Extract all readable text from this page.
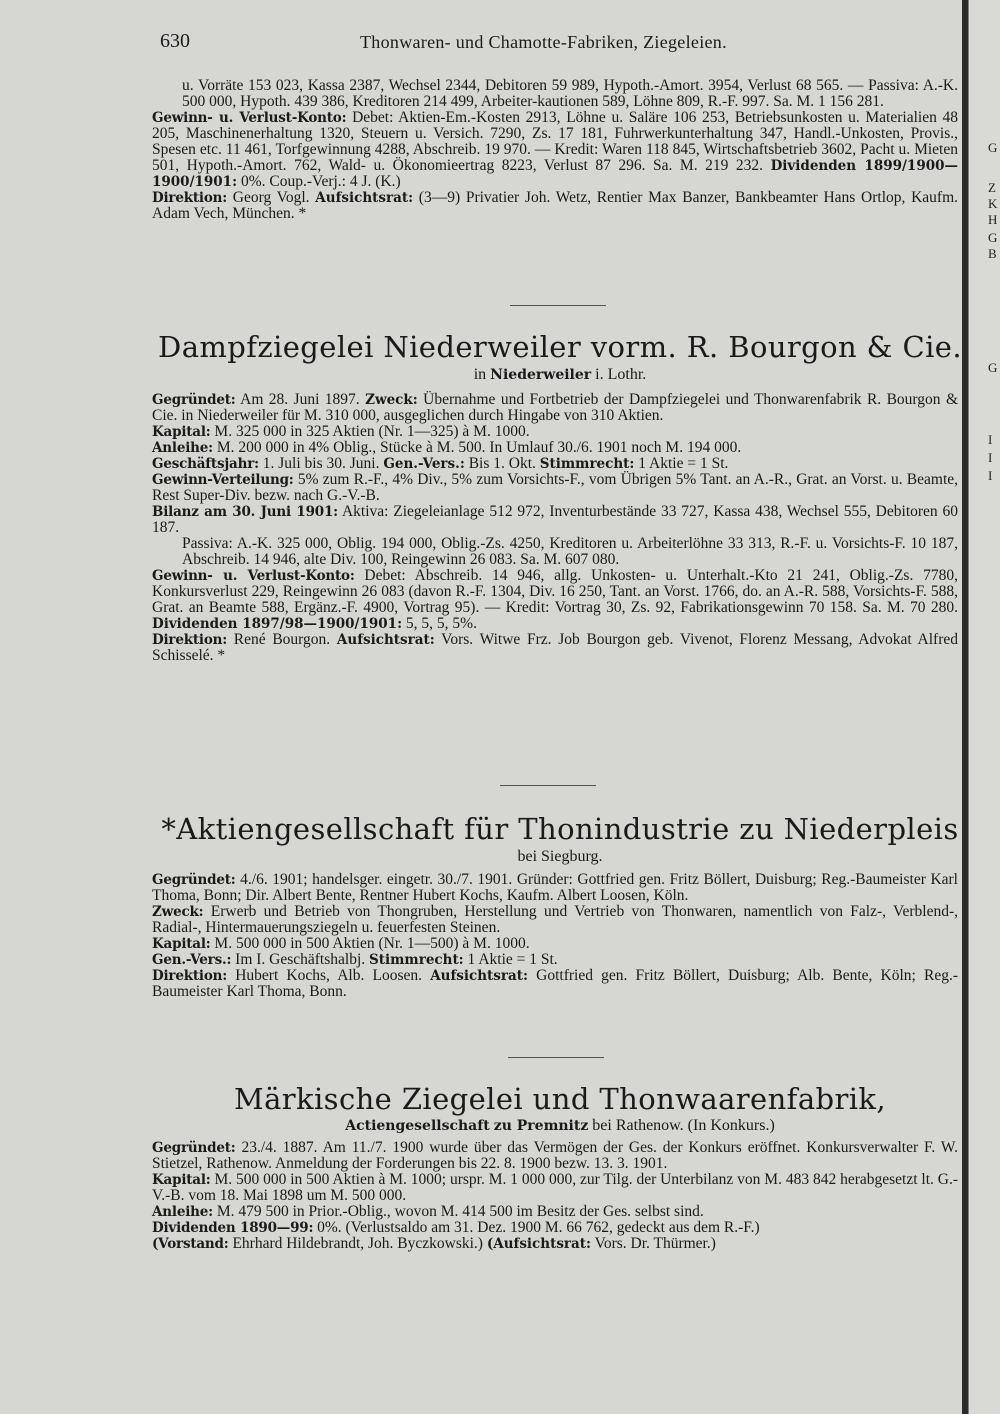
630	Thonwaren- und Chamotte-Fabriken, Ziegeleien.

u. Vorräte 153 023, Kassa 2387, Wechsel 2344, Debitoren 59 989, Hypoth.-Amort. 3954, Verlust 68 565. — Passiva: A.-K. 500 000, Hypoth. 439 386, Kreditoren 214 499, Arbeiter-kautionen 589, Löhne 809, R.-F. 997. Sa. M. 1 156 281.

Gewinn- u. Verlust-Konto: Debet: Aktien-Em.-Kosten 2913, Löhne u. Saläre 106 253, Betriebsunkosten u. Materialien 48 205, Maschinenerhaltung 1320, Steuern u. Versich. 7290, Zs. 17 181, Fuhrwerkunterhaltung 347, Handl.-Unkosten, Provis., Spesen etc. 11 461, Torfgewinnung 4288, Abschreib. 19 970. — Kredit: Waren 118 845, Wirtschaftsbetrieb 3602, Pacht u. Mieten 501, Hypoth.-Amort. 762, Wald- u. Ökonomieertrag 8223, Verlust 87 296. Sa. M. 219 232. Dividenden 1899/1900—1900/1901: 0%. Coup.-Verj.: 4 J. (K.)

Direktion: Georg Vogl. Aufsichtsrat: (3—9) Privatier Joh. Wetz, Rentier Max Banzer, Bankbeamter Hans Ortlop, Kaufm. Adam Vech, München. *

Dampfziegelei Niederweiler vorm. R. Bourgon & Cie.
in Niederweiler i. Lothr.

Gegründet: Am 28. Juni 1897. Zweck: Übernahme und Fortbetrieb der Dampfziegelei und Thonwarenfabrik R. Bourgon & Cie. in Niederweiler für M. 310 000, ausgeglichen durch Hingabe von 310 Aktien.

Kapital: M. 325 000 in 325 Aktien (Nr. 1—325) à M. 1000.

Anleihe: M. 200 000 in 4% Oblig., Stücke à M. 500. In Umlauf 30./6. 1901 noch M. 194 000.

Geschäftsjahr: 1. Juli bis 30. Juni. Gen.-Vers.: Bis 1. Okt. Stimmrecht: 1 Aktie = 1 St.

Gewinn-Verteilung: 5% zum R.-F., 4% Div., 5% zum Vorsichts-F., vom Übrigen 5% Tant. an A.-R., Grat. an Vorst. u. Beamte, Rest Super-Div. bezw. nach G.-V.-B.

Bilanz am 30. Juni 1901: Aktiva: Ziegeleianlage 512 972, Inventurbestände 33 727, Kassa 438, Wechsel 555, Debitoren 60 187.

Passiva: A.-K. 325 000, Oblig. 194 000, Oblig.-Zs. 4250, Kreditoren u. Arbeiterlöhne 33 313, R.-F. u. Vorsichts-F. 10 187, Abschreib. 14 946, alte Div. 100, Reingewinn 26 083. Sa. M. 607 080.

Gewinn- u. Verlust-Konto: Debet: Abschreib. 14 946, allg. Unkosten- u. Unterhalt.-Kto 21 241, Oblig.-Zs. 7780, Konkursverlust 229, Reingewinn 26 083 (davon R.-F. 1304, Div. 16 250, Tant. an Vorst. 1766, do. an A.-R. 588, Vorsichts-F. 588, Grat. an Beamte 588, Ergänz.-F. 4900, Vortrag 95). — Kredit: Vortrag 30, Zs. 92, Fabrikationsgewinn 70 158. Sa. M. 70 280. Dividenden 1897/98—1900/1901: 5, 5, 5, 5%.

Direktion: René Bourgon. Aufsichtsrat: Vors. Witwe Frz. Job Bourgon geb. Vivenot, Florenz Messang, Advokat Alfred Schisselé. *

*Aktiengesellschaft für Thonindustrie zu Niederpleis
bei Siegburg.

Gegründet: 4./6. 1901; handelsger. eingetr. 30./7. 1901. Gründer: Gottfried gen. Fritz Böllert, Duisburg; Reg.-Baumeister Karl Thoma, Bonn; Dir. Albert Bente, Rentner Hubert Kochs, Kaufm. Albert Loosen, Köln.

Zweck: Erwerb und Betrieb von Thongruben, Herstellung und Vertrieb von Thonwaren, namentlich von Falz-, Verblend-, Radial-, Hintermauerungsziegeln u. feuerfesten Steinen.

Kapital: M. 500 000 in 500 Aktien (Nr. 1—500) à M. 1000.

Gen.-Vers.: Im I. Geschäftshalbj. Stimmrecht: 1 Aktie = 1 St.

Direktion: Hubert Kochs, Alb. Loosen. Aufsichtsrat: Gottfried gen. Fritz Böllert, Duisburg; Alb. Bente, Köln; Reg.-Baumeister Karl Thoma, Bonn.

Märkische Ziegelei und Thonwaarenfabrik,
Actiengesellschaft zu Premnitz bei Rathenow. (In Konkurs.)

Gegründet: 23./4. 1887. Am 11./7. 1900 wurde über das Vermögen der Ges. der Konkurs eröffnet. Konkursverwalter F. W. Stietzel, Rathenow. Anmeldung der Forderungen bis 22. 8. 1900 bezw. 13. 3. 1901.

Kapital: M. 500 000 in 500 Aktien à M. 1000; urspr. M. 1 000 000, zur Tilg. der Unterbilanz von M. 483 842 herabgesetzt lt. G.-V.-B. vom 18. Mai 1898 um M. 500 000.

Anleihe: M. 479 500 in Prior.-Oblig., wovon M. 414 500 im Besitz der Ges. selbst sind.

Dividenden 1890—99: 0%. (Verlustsaldo am 31. Dez. 1900 M. 66 762, gedeckt aus dem R.-F.)

(Vorstand: Ehrhard Hildebrandt, Joh. Byczkowski.) (Aufsichtsrat: Vors. Dr. Thürmer.)

G
Z
K
H
G
B
G
I
I
I
